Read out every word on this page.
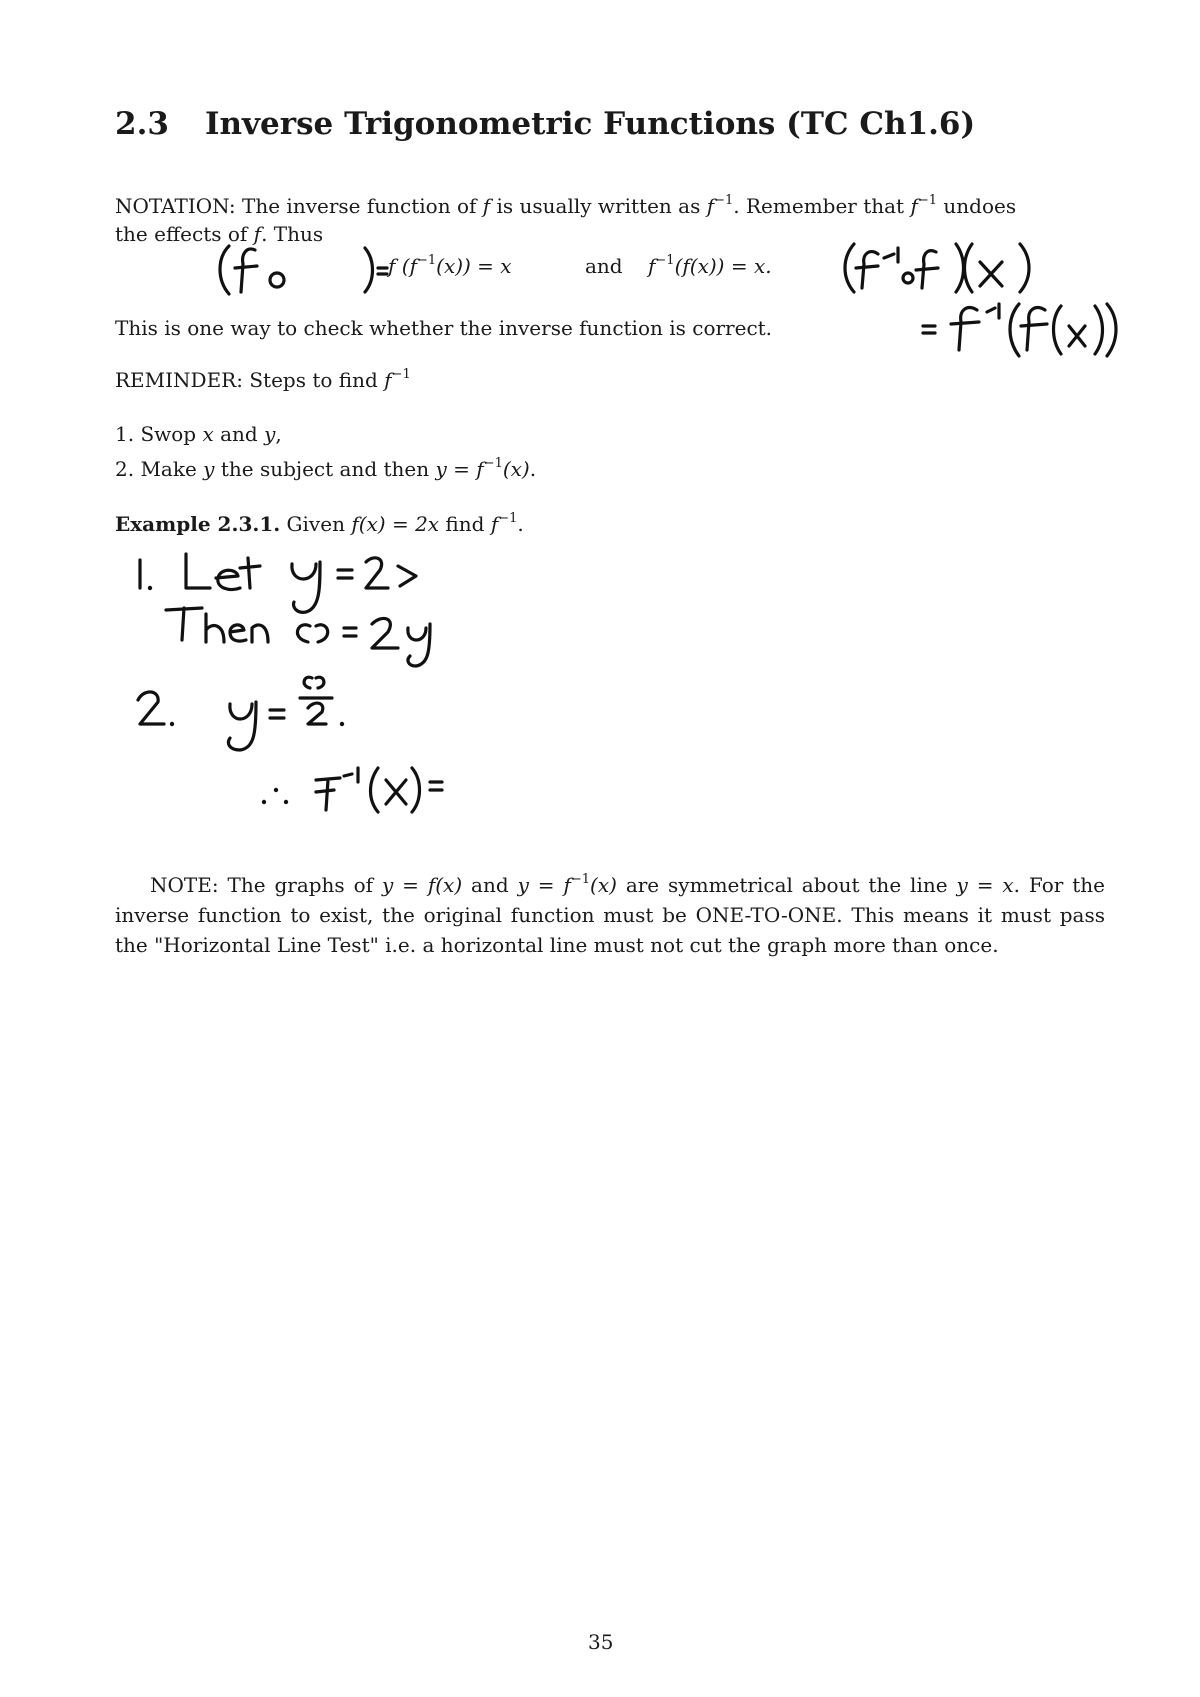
2.3 Inverse Trigonometric Functions (TC Ch1.6)
NOTATION: The inverse function of f is usually written as $f^{-1}$. Remember that $f^{-1}$ undoes
the effects of f. Thus
f $(f^{-1}(x)) = x$	and $f^{-1}(f(x)) = x$.
This is one way to check whether the inverse function is correct.
REMINDER: Steps to find $f^{-1}$
1. Swop x and y,
2. Make y the subject and then $y = f^{-1}(x)$.
Example 2.3.1. Given f(x) = 2x find $f^{-1}$.
NOTE: The graphs of y = f(x) and $y = f^{-1}(x)$ are symmetrical about the line y = x. For the inverse function to exist, the original function must be ONE-TO-ONE. This means it must pass the "Horizontal Line Test" i.e. a horizontal line must not cut the graph more than once.
35
